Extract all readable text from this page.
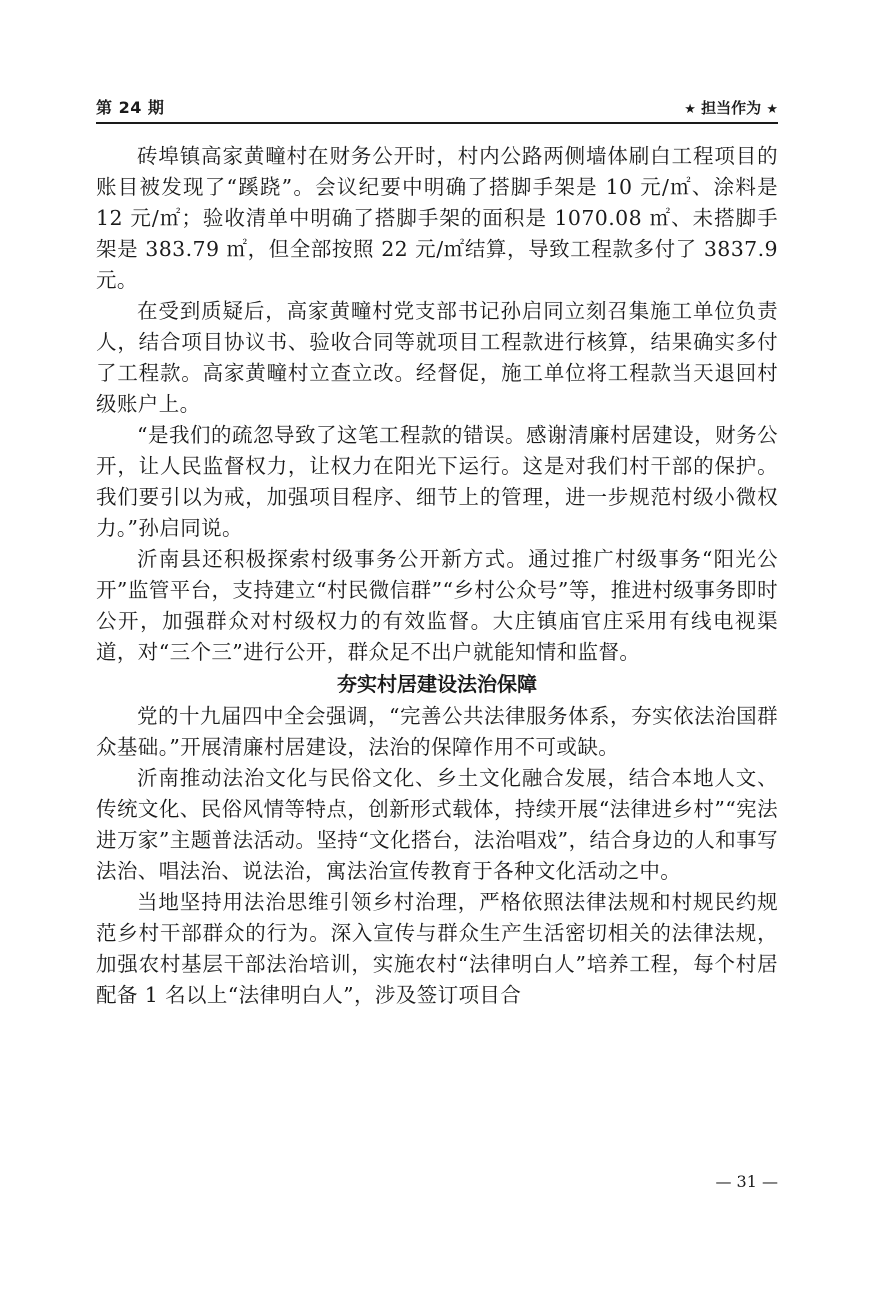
第 24 期	★ 担当作为 ★

砖埠镇高家黄疃村在财务公开时，村内公路两侧墙体刷白工程项目的账目被发现了“蹊跷”。会议纪要中明确了搭脚手架是 10 元/㎡、涂料是 12 元/㎡；验收清单中明确了搭脚手架的面积是 1070.08 ㎡、未搭脚手架是 383.79 ㎡，但全部按照 22 元/㎡结算，导致工程款多付了 3837.9 元。

在受到质疑后，高家黄疃村党支部书记孙启同立刻召集施工单位负责人，结合项目协议书、验收合同等就项目工程款进行核算，结果确实多付了工程款。高家黄疃村立查立改。经督促，施工单位将工程款当天退回村级账户上。

“是我们的疏忽导致了这笔工程款的错误。感谢清廉村居建设，财务公开，让人民监督权力，让权力在阳光下运行。这是对我们村干部的保护。我们要引以为戒，加强项目程序、细节上的管理，进一步规范村级小微权力。”孙启同说。

沂南县还积极探索村级事务公开新方式。通过推广村级事务“阳光公开”监管平台，支持建立“村民微信群”“乡村公众号”等，推进村级事务即时公开，加强群众对村级权力的有效监督。大庄镇庙官庄采用有线电视渠道，对“三个三”进行公开，群众足不出户就能知情和监督。

夯实村居建设法治保障

党的十九届四中全会强调，“完善公共法律服务体系，夯实依法治国群众基础。”开展清廉村居建设，法治的保障作用不可或缺。

沂南推动法治文化与民俗文化、乡土文化融合发展，结合本地人文、传统文化、民俗风情等特点，创新形式载体，持续开展“法律进乡村”“宪法进万家”主题普法活动。坚持“文化搭台，法治唱戏”，结合身边的人和事写法治、唱法治、说法治，寓法治宣传教育于各种文化活动之中。

当地坚持用法治思维引领乡村治理，严格依照法律法规和村规民约规范乡村干部群众的行为。深入宣传与群众生产生活密切相关的法律法规，加强农村基层干部法治培训，实施农村“法律明白人”培养工程，每个村居配备 1 名以上“法律明白人”，涉及签订项目合

— 31 —
